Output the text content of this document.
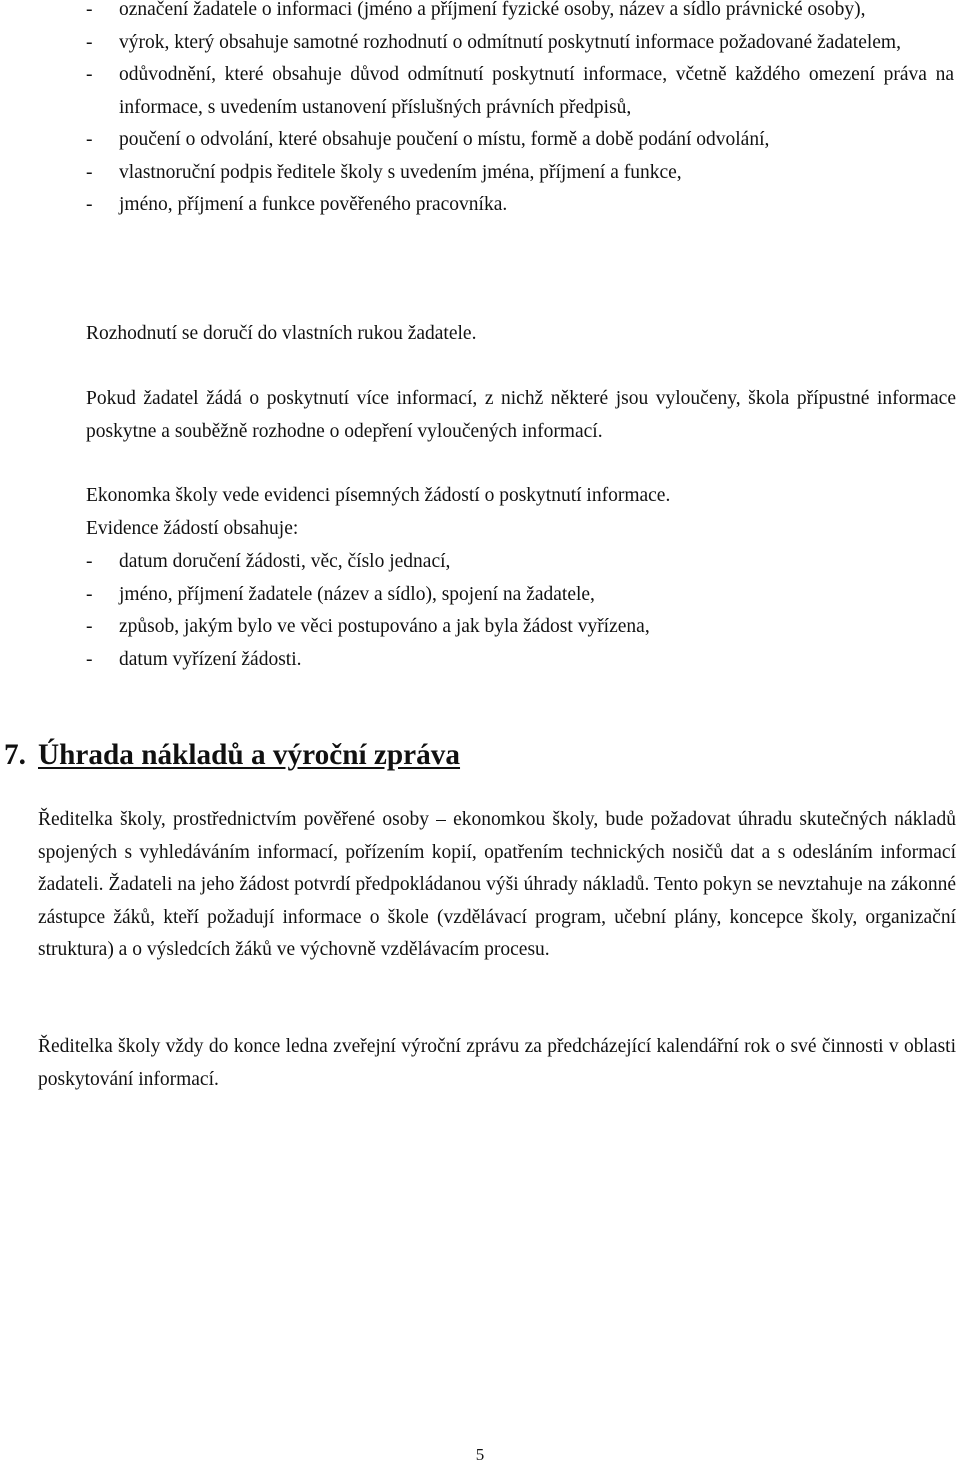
- označení žadatele o informaci (jméno a příjmení fyzické osoby, název a sídlo právnické osoby),
- výrok, který obsahuje samotné rozhodnutí o odmítnutí poskytnutí informace požadované žadatelem,
- odůvodnění, které obsahuje důvod odmítnutí poskytnutí informace, včetně každého omezení práva na informace, s uvedením ustanovení příslušných právních předpisů,
- poučení o odvolání, které obsahuje poučení o místu, formě a době podání odvolání,
- vlastnoruční podpis ředitele školy s uvedením jména, příjmení a funkce,
- jméno, příjmení a funkce pověřeného pracovníka.

Rozhodnutí se doručí do vlastních rukou žadatele.

Pokud žadatel žádá o poskytnutí více informací, z nichž některé jsou vyloučeny, škola přípustné informace poskytne a souběžně rozhodne o odepření vyloučených informací.

Ekonomka školy vede evidenci písemných žádostí o poskytnutí informace.

Evidence žádostí obsahuje:

- datum doručení žádosti, věc, číslo jednací,
- jméno, příjmení žadatele (název a sídlo), spojení na žadatele,
- způsob, jakým bylo ve věci postupováno a jak byla žádost vyřízena,
- datum vyřízení žádosti.
7. Úhrada nákladů a výroční zpráva

Ředitelka školy, prostřednictvím pověřené osoby – ekonomkou školy, bude požadovat úhradu skutečných nákladů spojených s vyhledáváním informací, pořízením kopií, opatřením technických nosičů dat a s odesláním informací žadateli. Žadateli na jeho žádost potvrdí předpokládanou výši úhrady nákladů. Tento pokyn se nevztahuje na zákonné zástupce žáků, kteří požadují informace o škole (vzdělávací program, učební plány, koncepce školy, organizační struktura) a o výsledcích žáků ve výchovně vzdělávacím procesu.

Ředitelka školy vždy do konce ledna zveřejní výroční zprávu za předcházející kalendářní rok o své činnosti v oblasti poskytování informací.

5
